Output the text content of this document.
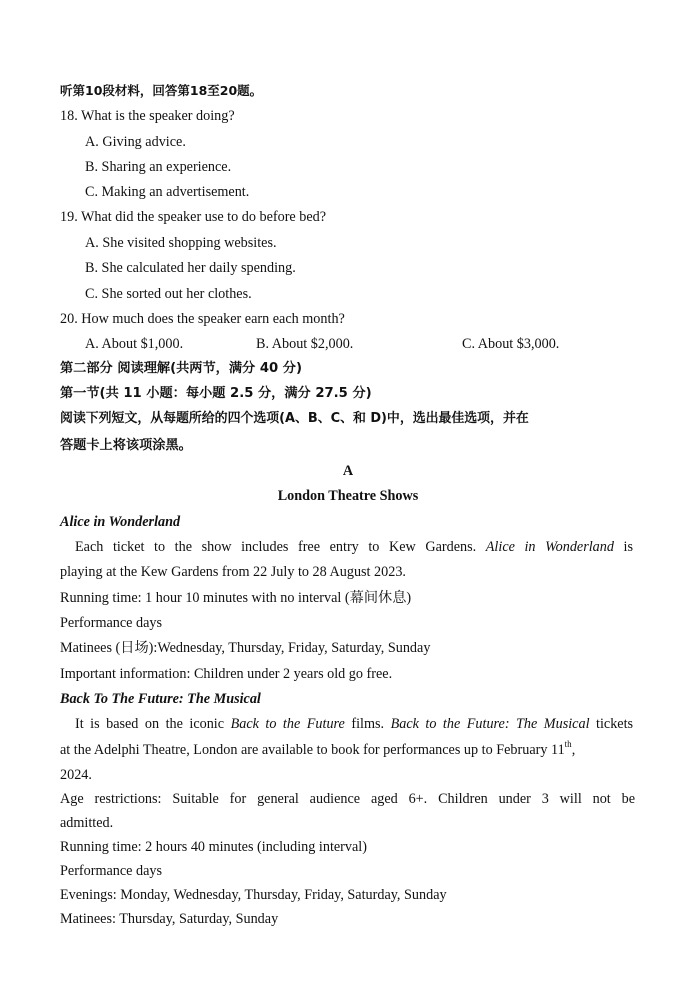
听第10段材料，回答第18至20题。
18. What is the speaker doing?
A. Giving advice.
B. Sharing an experience.
C. Making an advertisement.
19. What did the speaker use to do before bed?
A. She visited shopping websites.
B. She calculated her daily spending.
C. She sorted out her clothes.
20. How much does the speaker earn each month?
A. About $1,000.	B. About $2,000.	C. About $3,000.
第二部分 阅读理解(共两节，满分 40 分)
第一节(共 11 小题：每小题 2.5 分，满分 27.5 分)
阅读下列短文，从每题所给的四个选项(A、B、C、和 D)中，选出最佳选项，并在
答题卡上将该项涂黑。
A
London Theatre Shows
Alice in Wonderland
Each ticket to the show includes free entry to Kew Gardens. Alice in Wonderland is
playing at the Kew Gardens from 22 July to 28 August 2023.
Running time: 1 hour 10 minutes with no interval (幕间休息)
Performance days
Matinees (日场):Wednesday, Thursday, Friday, Saturday, Sunday
Important information: Children under 2 years old go free.
Back To The Future: The Musical
It is based on the iconic Back to the Future films. Back to the Future: The Musical tickets
at the Adelphi Theatre, London are available to book for performances up to February 11th,
2024.
Age restrictions: Suitable for general audience aged 6+. Children under 3 will not be
admitted.
Running time: 2 hours 40 minutes (including interval)
Performance days
Evenings: Monday, Wednesday, Thursday, Friday, Saturday, Sunday
Matinees: Thursday, Saturday, Sunday
